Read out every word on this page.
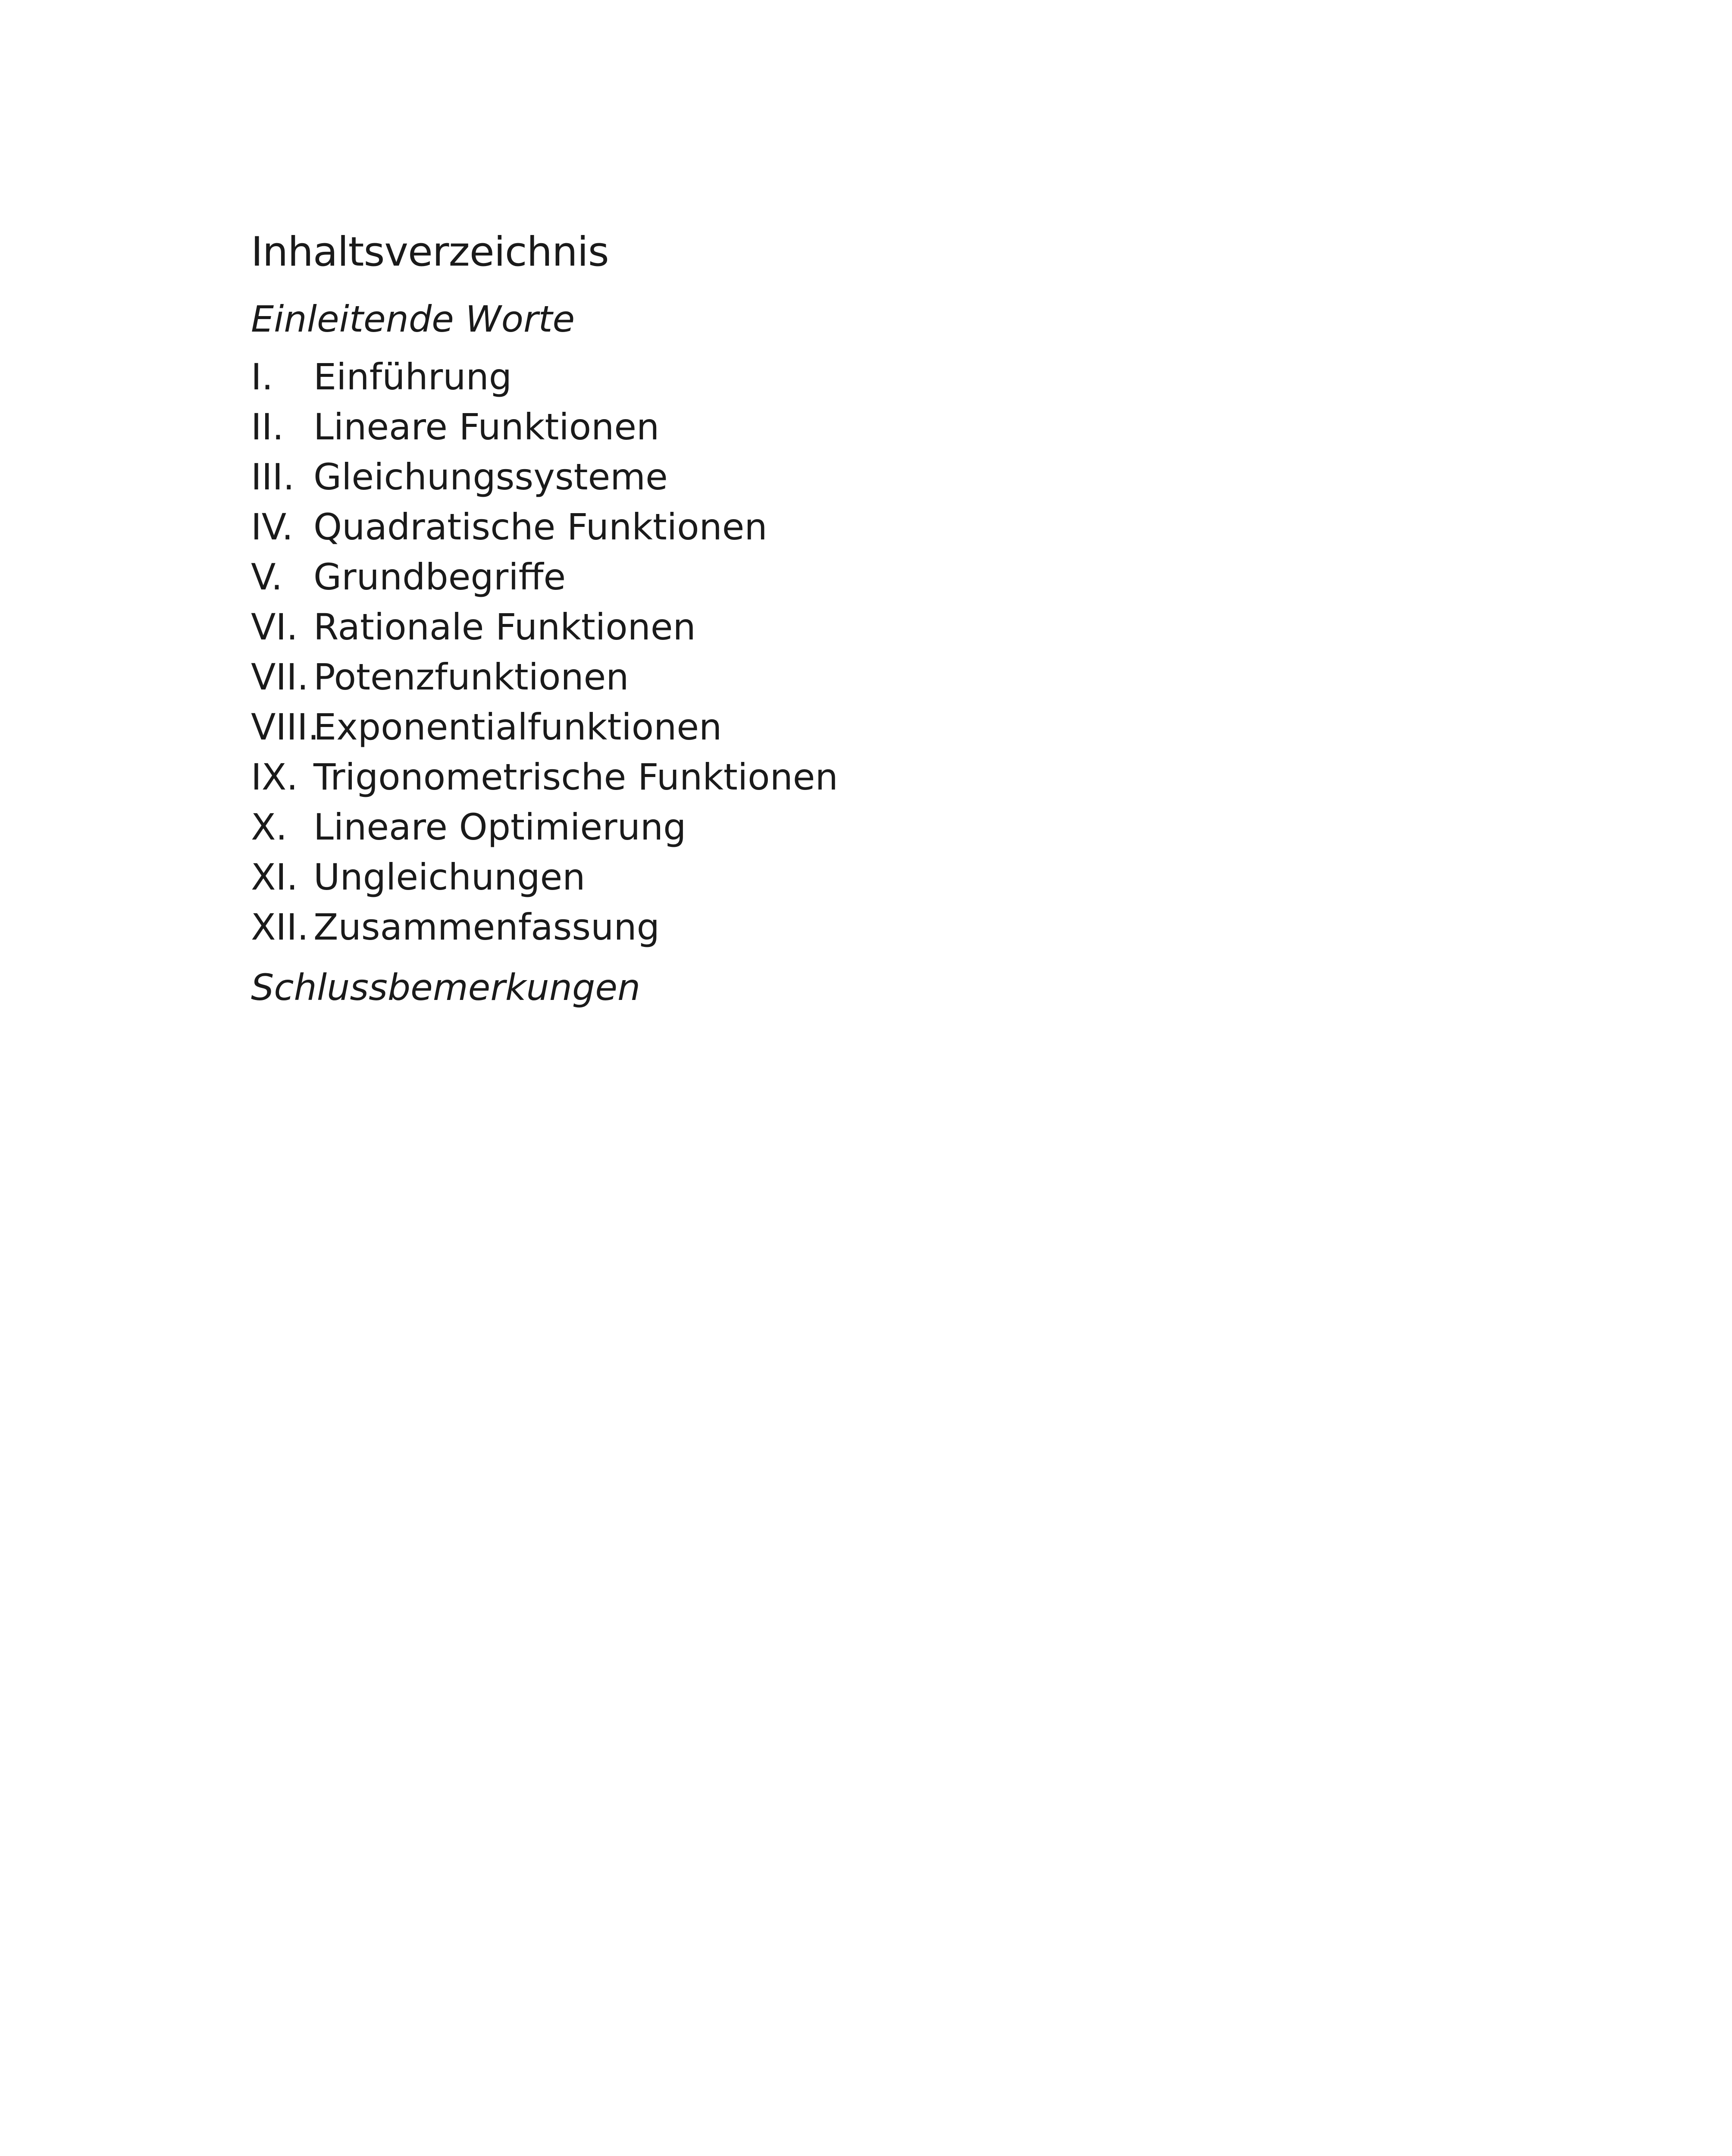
Inhaltsverzeichnis
Einleitende Worte
I.	Einführung
II. Lineare Funktionen
III. Gleichungssysteme
IV. Quadratische Funktionen
V. Grundbegriffe
VI. Rationale Funktionen
VII. Potenzfunktionen
VIII.
Exponentialfunktionen
IX. Trigonometrische Funktionen
X. Lineare Optimierung
XI. Ungleichungen
XII. Zusammenfassung
Schlussbemerkungen
